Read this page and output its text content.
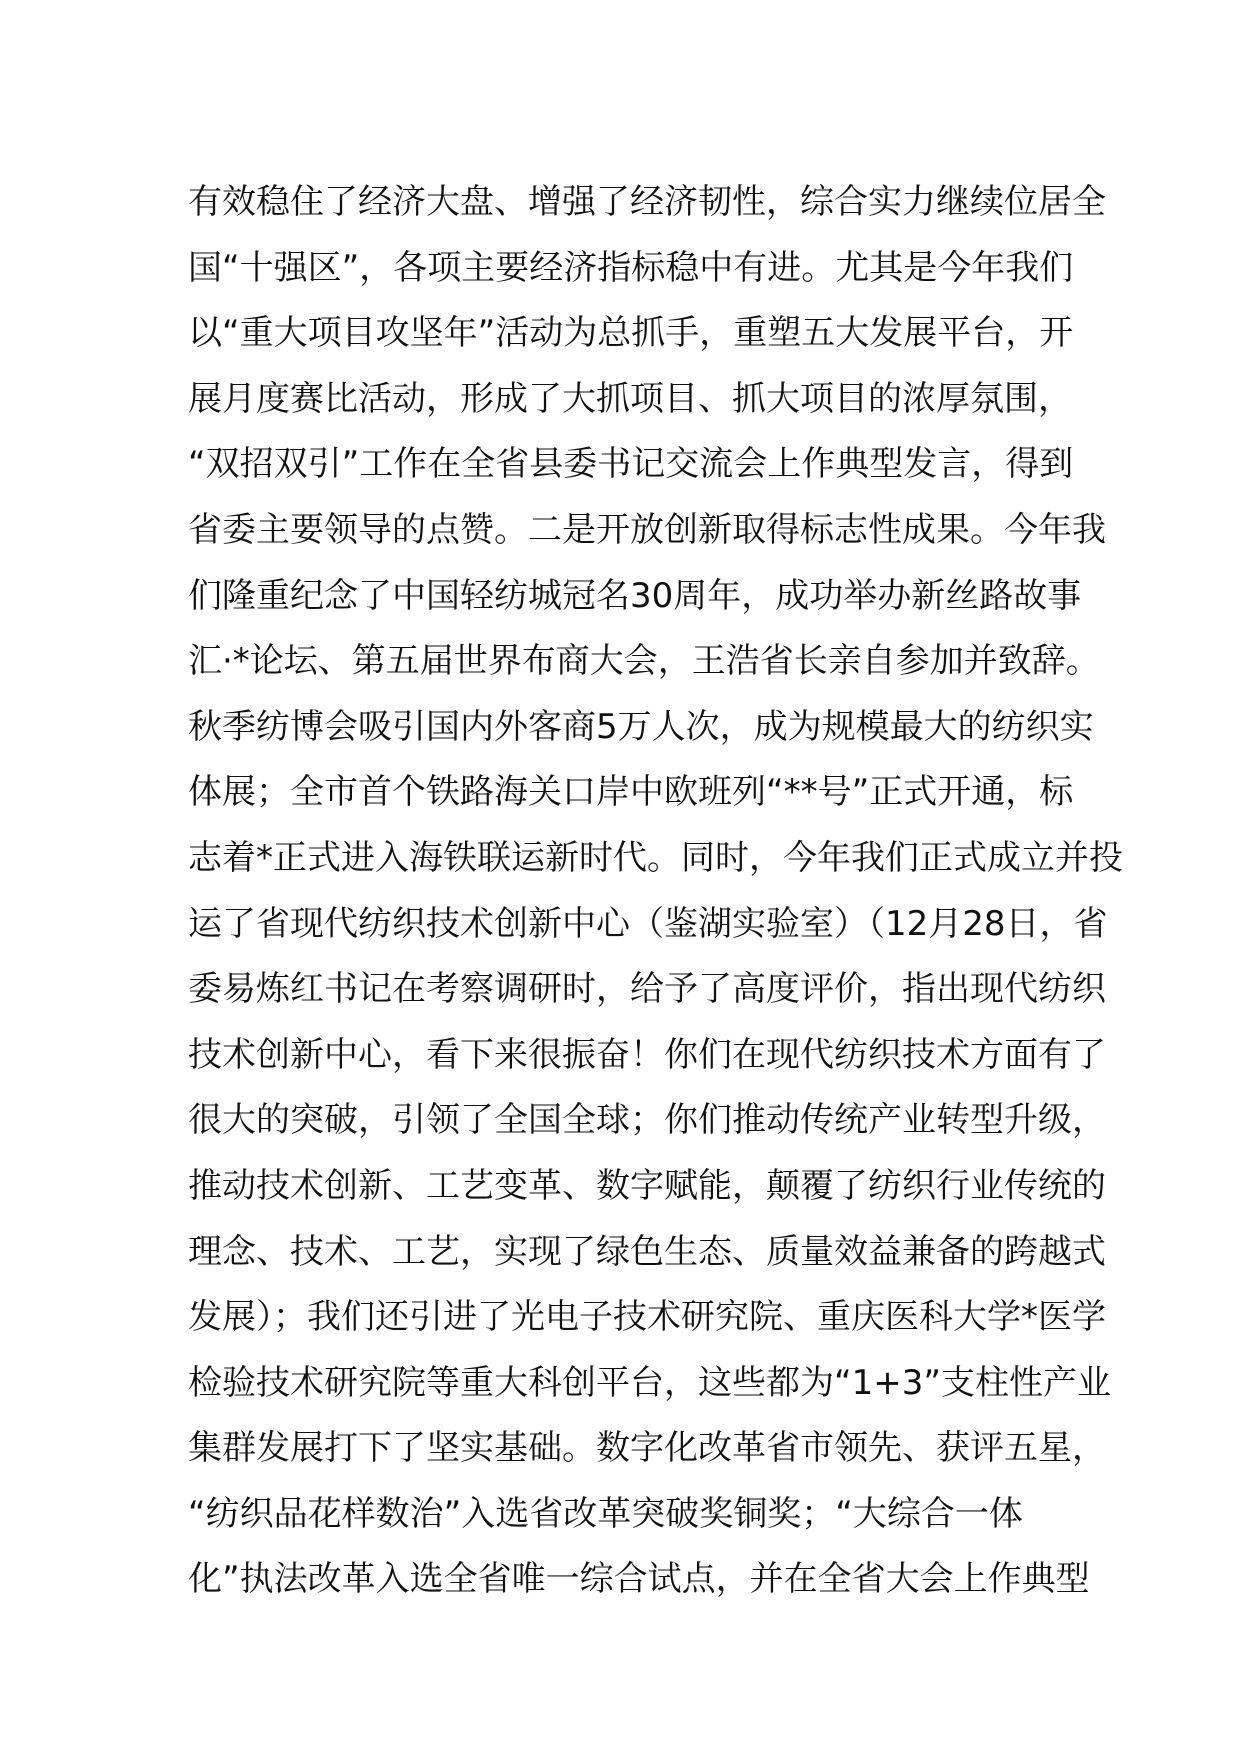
有效稳住了经济大盘、增强了经济韧性，综合实力继续位居全
国“十强区”，各项主要经济指标稳中有进。尤其是今年我们
以“重大项目攻坚年”活动为总抓手，重塑五大发展平台，开
展月度赛比活动，形成了大抓项目、抓大项目的浓厚氛围，
“双招双引”工作在全省县委书记交流会上作典型发言，得到
省委主要领导的点赞。二是开放创新取得标志性成果。今年我
们隆重纪念了中国轻纺城冠名30周年，成功举办新丝路故事
汇·*论坛、第五届世界布商大会，王浩省长亲自参加并致辞。
秋季纺博会吸引国内外客商5万人次，成为规模最大的纺织实
体展；全市首个铁路海关口岸中欧班列“**号”正式开通，标
志着*正式进入海铁联运新时代。同时，今年我们正式成立并投
运了省现代纺织技术创新中心（鉴湖实验室）（12月28日，省
委易炼红书记在考察调研时，给予了高度评价，指出现代纺织
技术创新中心，看下来很振奋！你们在现代纺织技术方面有了
很大的突破，引领了全国全球；你们推动传统产业转型升级，
推动技术创新、工艺变革、数字赋能，颠覆了纺织行业传统的
理念、技术、工艺，实现了绿色生态、质量效益兼备的跨越式
发展）；我们还引进了光电子技术研究院、重庆医科大学*医学
检验技术研究院等重大科创平台，这些都为“1+3”支柱性产业
集群发展打下了坚实基础。数字化改革省市领先、获评五星，
“纺织品花样数治”入选省改革突破奖铜奖；“大综合一体
化”执法改革入选全省唯一综合试点，并在全省大会上作典型
